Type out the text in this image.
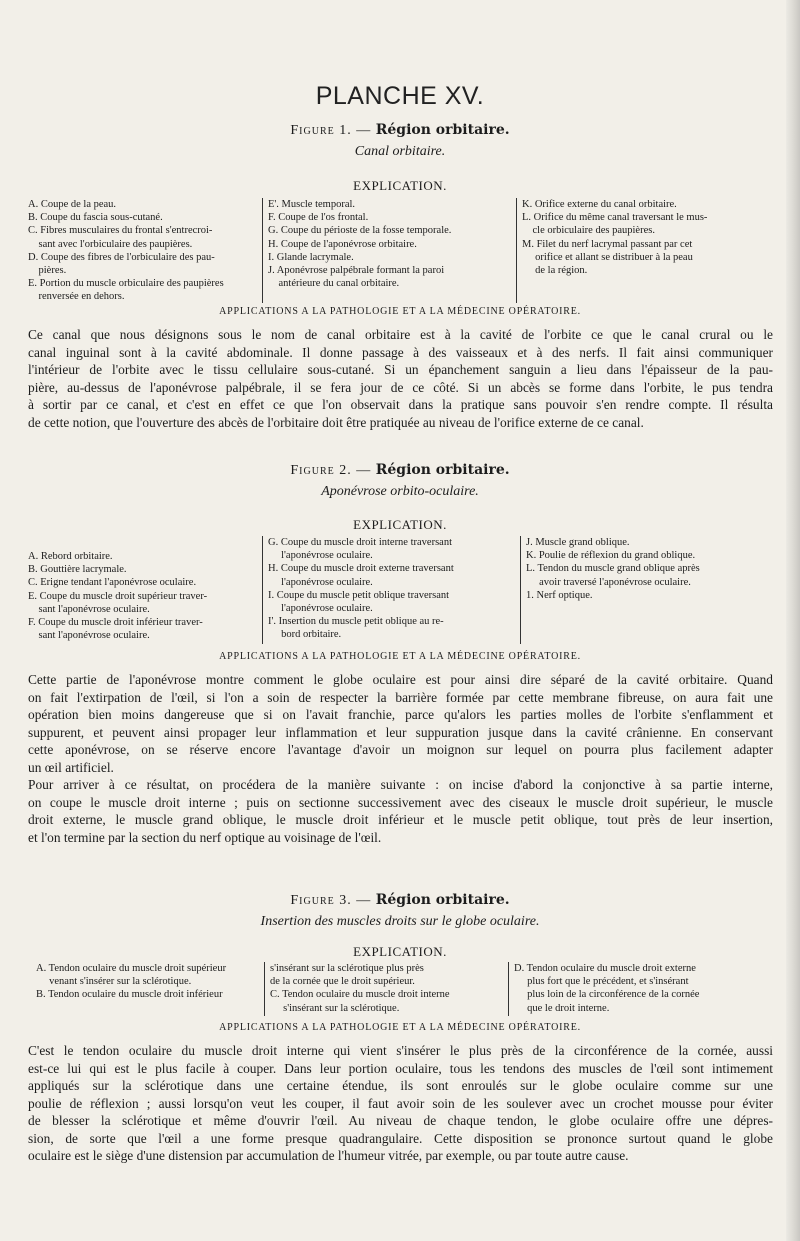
PLANCHE XV.
Figure 1. — Région orbitaire.
Canal orbitaire.
EXPLICATION.
A. Coupe de la peau.
B. Coupe du fascia sous-cutané.
C. Fibres musculaires du frontal s'entrecroi-
sant avec l'orbiculaire des paupières.
D. Coupe des fibres de l'orbiculaire des pau-
pières.
E. Portion du muscle orbiculaire des paupières
renversée en dehors.
E'. Muscle temporal.
F. Coupe de l'os frontal.
G. Coupe du périoste de la fosse temporale.
H. Coupe de l'aponévrose orbitaire.
I. Glande lacrymale.
J. Aponévrose palpébrale formant la paroi
antérieure du canal orbitaire.
K. Orifice externe du canal orbitaire.
L. Orifice du même canal traversant le mus-
cle orbiculaire des paupières.
M. Filet du nerf lacrymal passant par cet
orifice et allant se distribuer à la peau
de la région.
APPLICATIONS A LA PATHOLOGIE ET A LA MÉDECINE OPÉRATOIRE.
Ce canal que nous désignons sous le nom de canal orbitaire est à la cavité de l'orbite ce que le canal crural ou le
canal inguinal sont à la cavité abdominale. Il donne passage à des vaisseaux et à des nerfs. Il fait ainsi communiquer
l'intérieur de l'orbite avec le tissu cellulaire sous-cutané. Si un épanchement sanguin a lieu dans l'épaisseur de la pau-
pière, au-dessus de l'aponévrose palpébrale, il se fera jour de ce côté. Si un abcès se forme dans l'orbite, le pus tendra
à sortir par ce canal, et c'est en effet ce que l'on observait dans la pratique sans pouvoir s'en rendre compte. Il résulta
de cette notion, que l'ouverture des abcès de l'orbitaire doit être pratiquée au niveau de l'orifice externe de ce canal.
Figure 2. — Région orbitaire.
Aponévrose orbito-oculaire.
EXPLICATION.
A. Rebord orbitaire.
B. Gouttière lacrymale.
C. Erigne tendant l'aponévrose oculaire.
E. Coupe du muscle droit supérieur traver-
sant l'aponévrose oculaire.
F. Coupe du muscle droit inférieur traver-
sant l'aponévrose oculaire.
G. Coupe du muscle droit interne traversant
l'aponévrose oculaire.
H. Coupe du muscle droit externe traversant
l'aponévrose oculaire.
I. Coupe du muscle petit oblique traversant
l'aponévrose oculaire.
I'. Insertion du muscle petit oblique au re-
bord orbitaire.
J. Muscle grand oblique.
K. Poulie de réflexion du grand oblique.
L. Tendon du muscle grand oblique après
avoir traversé l'aponévrose oculaire.
1. Nerf optique.
APPLICATIONS A LA PATHOLOGIE ET A LA MÉDECINE OPÉRATOIRE.
Cette partie de l'aponévrose montre comment le globe oculaire est pour ainsi dire séparé de la cavité orbitaire. Quand
on fait l'extirpation de l'œil, si l'on a soin de respecter la barrière formée par cette membrane fibreuse, on aura fait une
opération bien moins dangereuse que si on l'avait franchie, parce qu'alors les parties molles de l'orbite s'enflamment et
suppurent, et peuvent ainsi propager leur inflammation et leur suppuration jusque dans la cavité crânienne. En conservant
cette aponévrose, on se réserve encore l'avantage d'avoir un moignon sur lequel on pourra plus facilement adapter
un œil artificiel.
Pour arriver à ce résultat, on procédera de la manière suivante : on incise d'abord la conjonctive à sa partie interne,
on coupe le muscle droit interne ; puis on sectionne successivement avec des ciseaux le muscle droit supérieur, le muscle
droit externe, le muscle grand oblique, le muscle droit inférieur et le muscle petit oblique, tout près de leur insertion,
et l'on termine par la section du nerf optique au voisinage de l'œil.
Figure 3. — Région orbitaire.
Insertion des muscles droits sur le globe oculaire.
EXPLICATION.
A. Tendon oculaire du muscle droit supérieur
venant s'insérer sur la sclérotique.
B. Tendon oculaire du muscle droit inférieur
s'insérant sur la sclérotique plus près
de la cornée que le droit supérieur.
C. Tendon oculaire du muscle droit interne
s'insérant sur la sclérotique.
D. Tendon oculaire du muscle droit externe
plus fort que le précédent, et s'insérant
plus loin de la circonférence de la cornée
que le droit interne.
APPLICATIONS A LA PATHOLOGIE ET A LA MÉDECINE OPÉRATOIRE.
C'est le tendon oculaire du muscle droit interne qui vient s'insérer le plus près de la circonférence de la cornée, aussi
est-ce lui qui est le plus facile à couper. Dans leur portion oculaire, tous les tendons des muscles de l'œil sont intimement
appliqués sur la sclérotique dans une certaine étendue, ils sont enroulés sur le globe oculaire comme sur une
poulie de réflexion ; aussi lorsqu'on veut les couper, il faut avoir soin de les soulever avec un crochet mousse pour éviter
de blesser la sclérotique et même d'ouvrir l'œil. Au niveau de chaque tendon, le globe oculaire offre une dépres-
sion, de sorte que l'œil a une forme presque quadrangulaire. Cette disposition se prononce surtout quand le globe
oculaire est le siège d'une distension par accumulation de l'humeur vitrée, par exemple, ou par toute autre cause.
